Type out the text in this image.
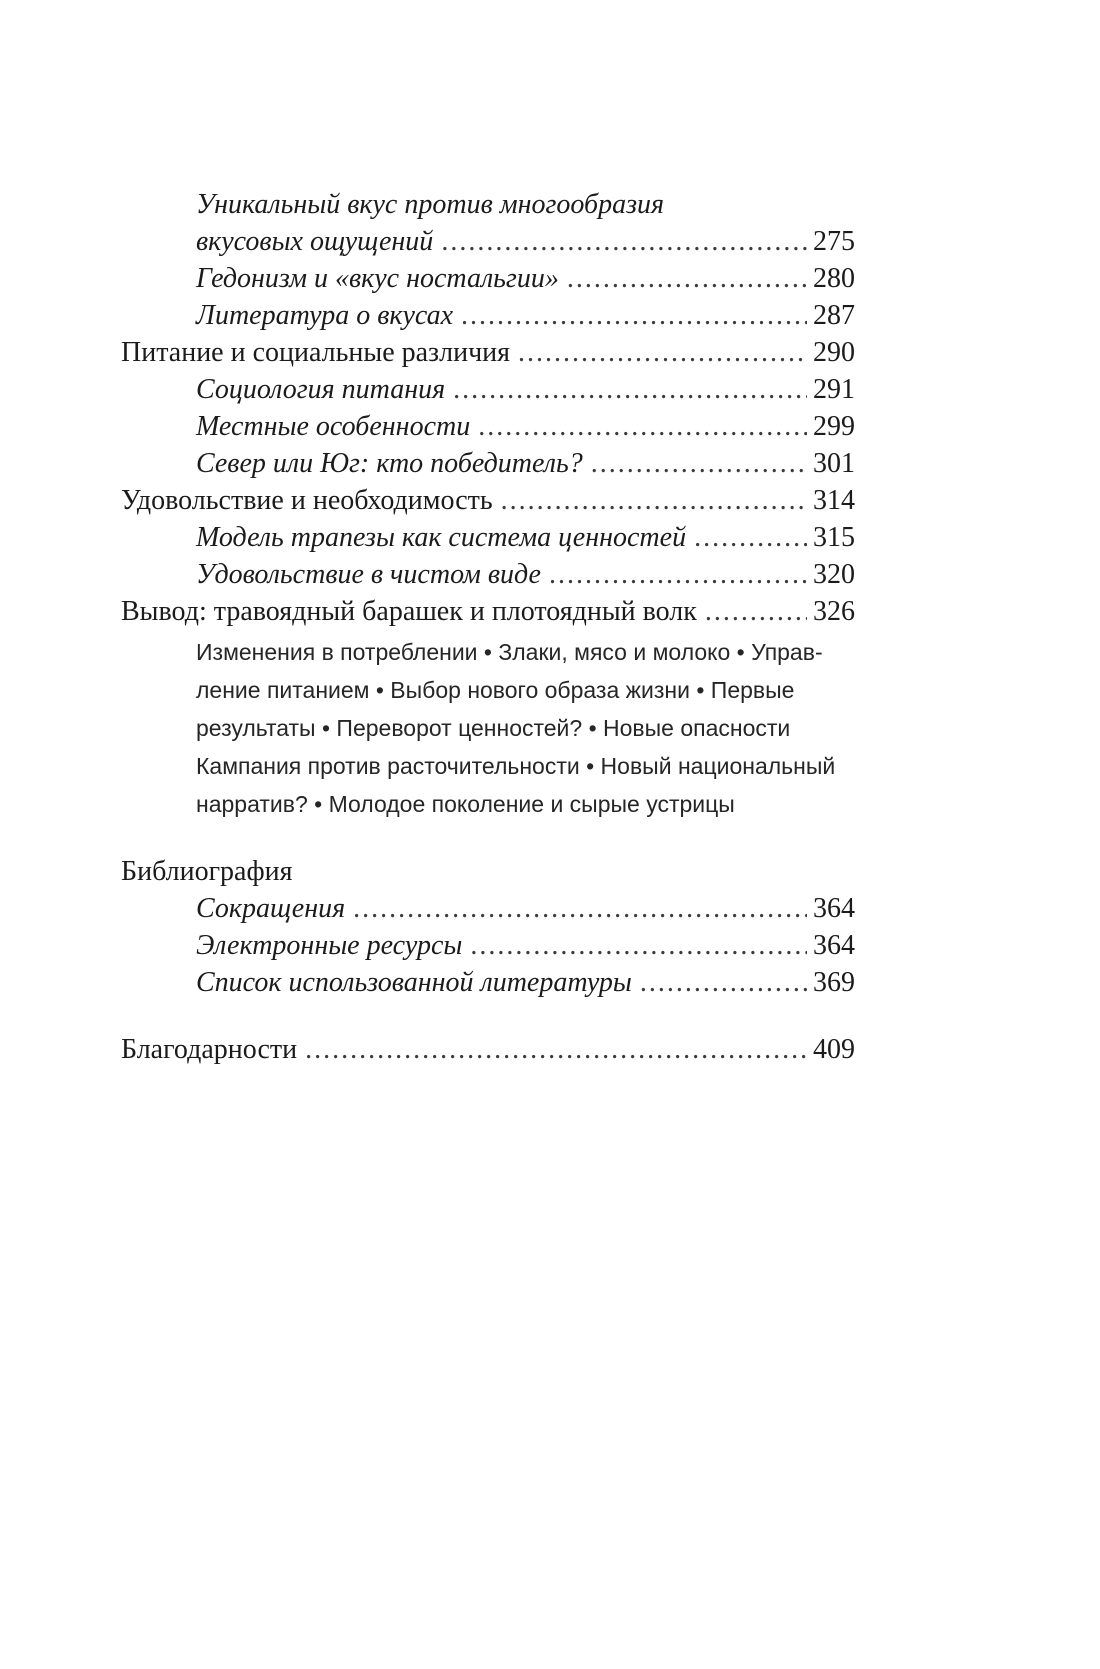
Уникальный вкус против многообразия
вкусовых ощущений .....	275
Гедонизм и «вкус ностальгии» .....	280
Литература о вкусах .....	287
Питание и социальные различия .....	290
Социология питания .....	291
Местные особенности .....	299
Север или Юг: кто победитель? .....	301
Удовольствие и необходимость .....	314
Модель трапезы как система ценностей .....	315
Удовольствие в чистом виде .....	320
Вывод: травоядный барашек и плотоядный волк .....	326
Изменения в потреблении • Злаки, мясо и молоко • Управ-
ление питанием • Выбор нового образа жизни • Первые
результаты • Переворот ценностей? • Новые опасности
Кампания против расточительности • Новый национальный
нарратив? • Молодое поколение и сырые устрицы
Библиография
Сокращения .....	364
Электронные ресурсы .....	364
Список использованной литературы .....	369
Благодарности .....	409
